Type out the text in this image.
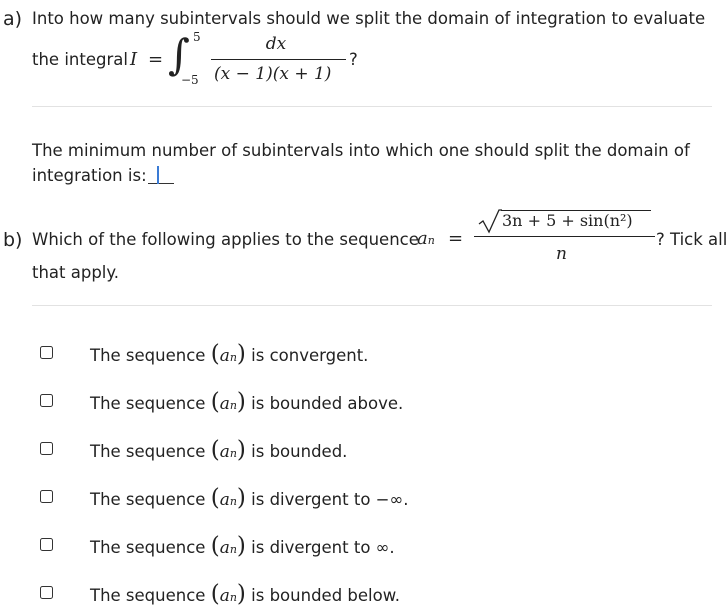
a) Into how many subintervals should we split the domain of integration to evaluate
the integral I = ∫ 5
−5
dx
(x − 1)(x + 1)
?
The minimum number of subintervals into which one should split the domain of
integration is:
b) Which of the following applies to the sequence
an =
3n + 5 + sin(n²)
n
? Tick all
that apply.
The sequence (an) is convergent.
The sequence (an) is bounded above.
The sequence (an) is bounded.
The sequence (an) is divergent to −∞.
The sequence (an) is divergent to ∞.
The sequence (an) is bounded below.
